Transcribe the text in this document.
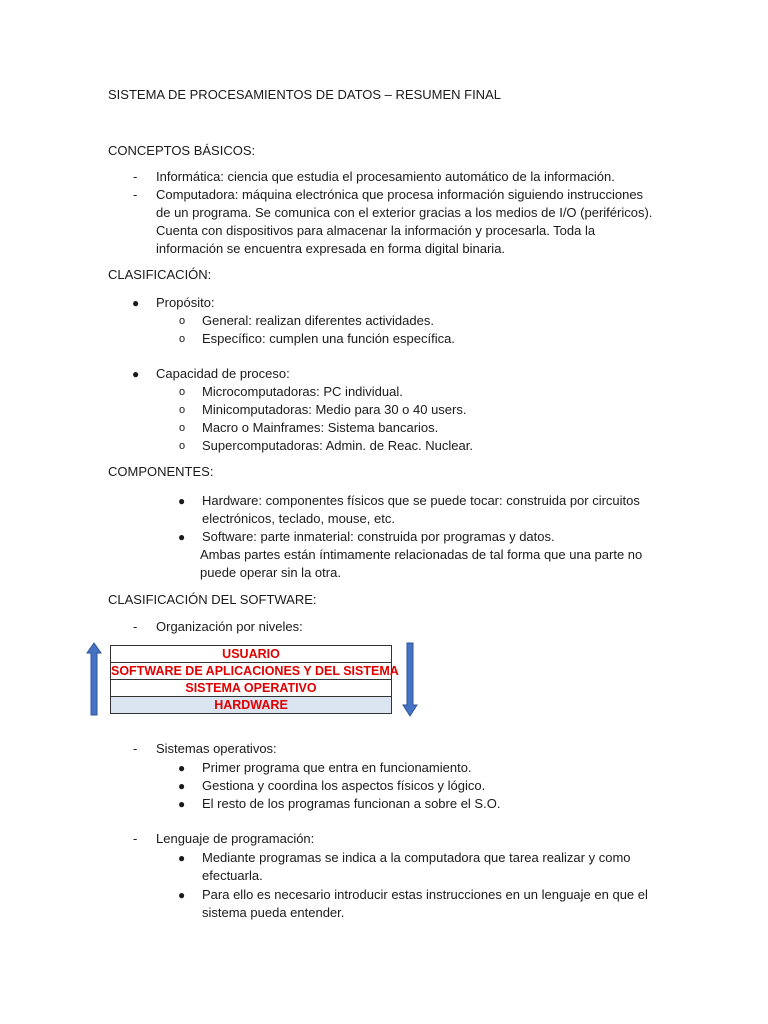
SISTEMA DE PROCESAMIENTOS DE DATOS – RESUMEN FINAL
CONCEPTOS BÁSICOS:
- Informática: ciencia que estudia el procesamiento automático de la información.
- Computadora: máquina electrónica que procesa información siguiendo instrucciones
de un programa. Se comunica con el exterior gracias a los medios de I/O (periféricos).
Cuenta con dispositivos para almacenar la información y procesarla. Toda la
información se encuentra expresada en forma digital binaria.
CLASIFICACIÓN:
● Propósito:
o General: realizan diferentes actividades.
o Específico: cumplen una función específica.
● Capacidad de proceso:
o Microcomputadoras: PC individual.
o Minicomputadoras: Medio para 30 o 40 users.
o Macro o Mainframes: Sistema bancarios.
o Supercomputadoras: Admin. de Reac. Nuclear.
COMPONENTES:
● Hardware: componentes físicos que se puede tocar: construida por circuitos
electrónicos, teclado, mouse, etc.
● Software: parte inmaterial: construida por programas y datos.
Ambas partes están íntimamente relacionadas de tal forma que una parte no
puede operar sin la otra.
CLASIFICACIÓN DEL SOFTWARE:
- Organización por niveles:
USUARIO
SOFTWARE DE APLICACIONES Y DEL SISTEMA
SISTEMA OPERATIVO
HARDWARE
- Sistemas operativos:
● Primer programa que entra en funcionamiento.
● Gestiona y coordina los aspectos físicos y lógico.
● El resto de los programas funcionan a sobre el S.O.
- Lenguaje de programación:
● Mediante programas se indica a la computadora que tarea realizar y como
efectuarla.
● Para ello es necesario introducir estas instrucciones en un lenguaje en que el
sistema pueda entender.
